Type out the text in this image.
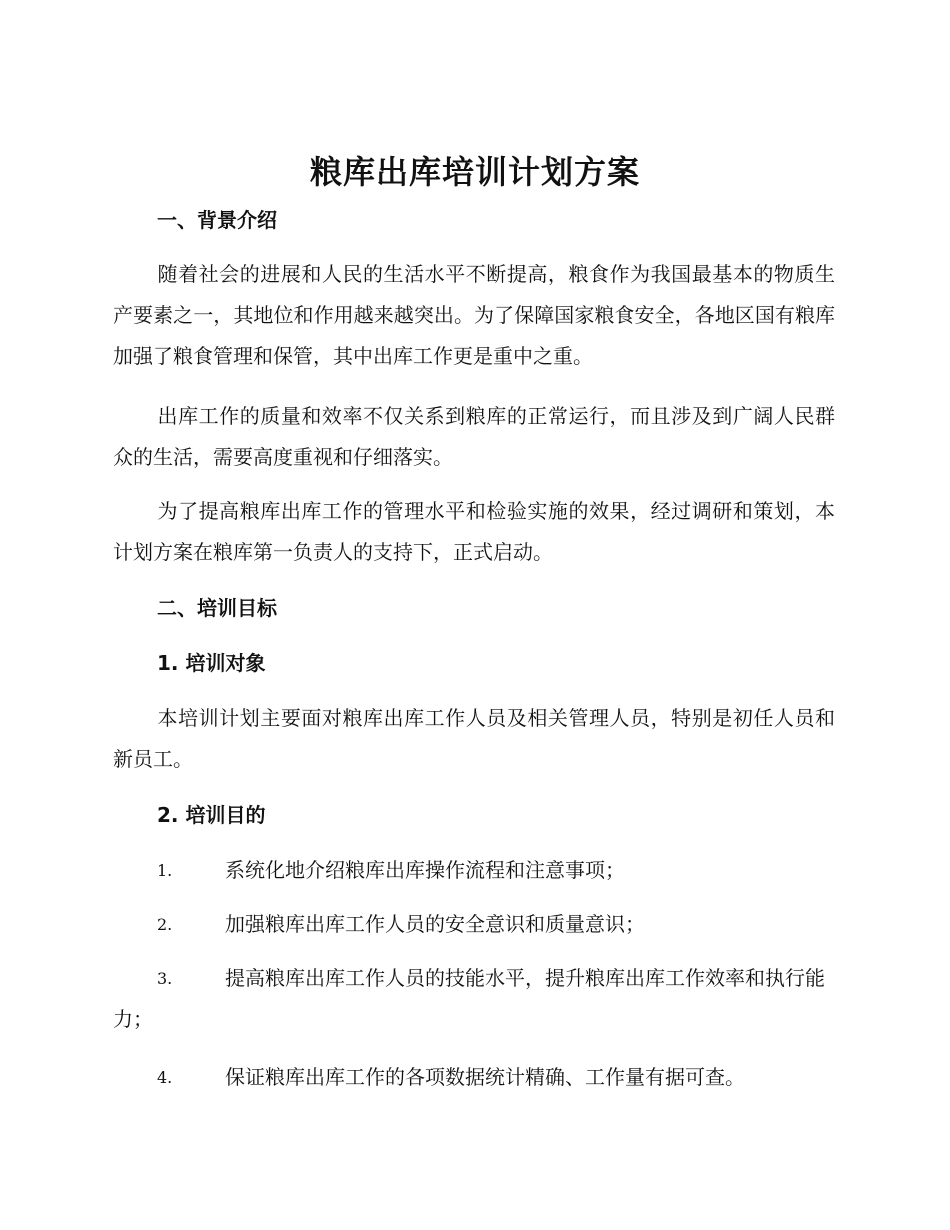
粮库出库培训计划方案
一、背景介绍
随着社会的进展和人民的生活水平不断提高，粮食作为我国最基本的物质生产要素之一，其地位和作用越来越突出。为了保障国家粮食安全，各地区国有粮库加强了粮食管理和保管，其中出库工作更是重中之重。
出库工作的质量和效率不仅关系到粮库的正常运行，而且涉及到广阔人民群众的生活，需要高度重视和仔细落实。
为了提高粮库出库工作的管理水平和检验实施的效果，经过调研和策划，本计划方案在粮库第一负责人的支持下，正式启动。
二、培训目标
1. 培训对象
本培训计划主要面对粮库出库工作人员及相关管理人员，特别是初任人员和新员工。
2. 培训目的
1.	系统化地介绍粮库出库操作流程和注意事项；
2.	加强粮库出库工作人员的安全意识和质量意识；
3.	提高粮库出库工作人员的技能水平，提升粮库出库工作效率和执行能力；
4.	保证粮库出库工作的各项数据统计精确、工作量有据可查。
